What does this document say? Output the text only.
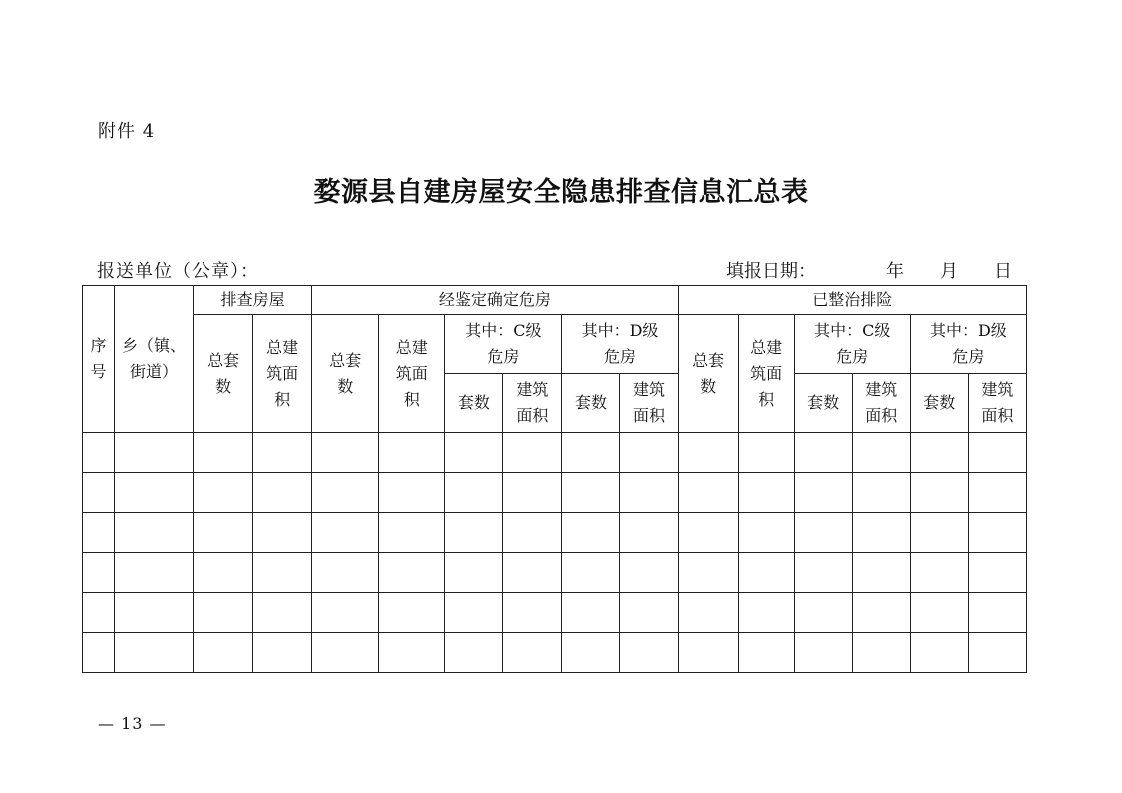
附件 4
婺源县自建房屋安全隐患排查信息汇总表
报送单位（公章）：	填报日期：	年 月 日
序号	乡（镇、街道）	排查房屋		经鉴定确定危房						已整治排险					

		总套数	总建筑面积	总套数	总建筑面积	其中：C级危房		其中：D级危房		总套数	总建筑面积	其中：C级危房		其中：D级危房	

						套数	建筑面积	套数	建筑面积			套数	建筑面积	套数	建筑面积

— 13 —
